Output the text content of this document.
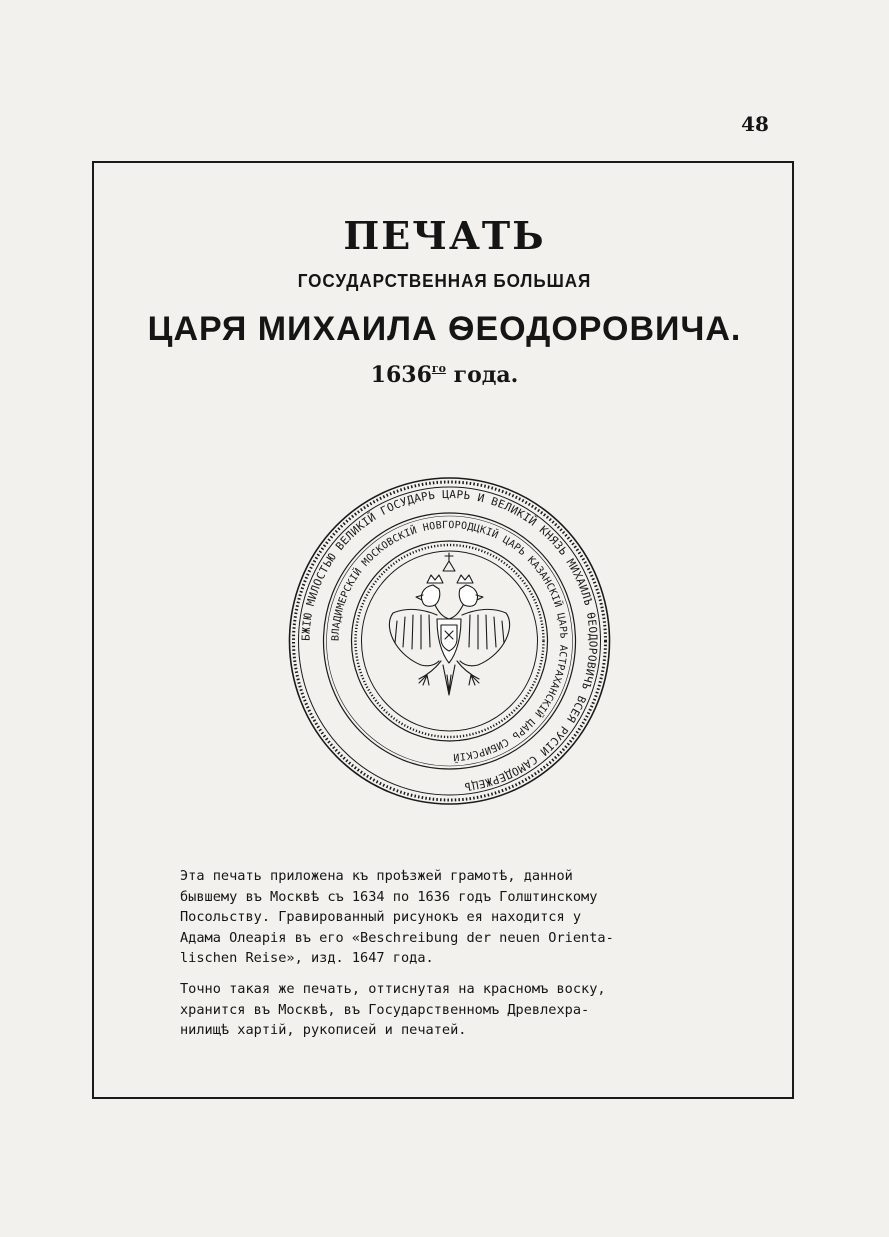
48
ПЕЧАТЬ
ГОСУДАРСТВЕННАЯ БОЛЬШАЯ
ЦАРЯ МИХАИЛА ѲЕОДОРОВИЧА.
$1636^{го}$ года.
БЖІЮ МИЛОСТЬЮ ВЕЛИКІЙ ГОСУДАРЬ ЦАРЬ И ВЕЛИКІЙ КНЯЗЬ МИХАИЛЪ ѲЕОДОРОВИЧЪ ВСЕЯ РУСІИ САМОДЕРЖЕЦЪ
ВЛАДИМЕРСКІЙ МОСКОВСКІЙ НОВГОРОДЦКІЙ ЦАРЬ КАЗАНСКІЙ ЦАРЬ АСТРАХАНСКІЙ ЦАРЬ СИБИРСКІЙ

Эта печать приложена къ проѣзжей грамотѣ, данной
бывшему въ Москвѣ съ 1634 по 1636 годъ Голштинскому
Посольству. Гравированный рисунокъ ея находится у
Адама Олеарія въ его «Beschreibung der neuen Orienta-
lischen Reise», изд. 1647 года.

Точно такая же печать, оттиснутая на красномъ воску,
хранится въ Москвѣ, въ Государственномъ Древлехра-
нилищѣ хартій, рукописей и печатей.
